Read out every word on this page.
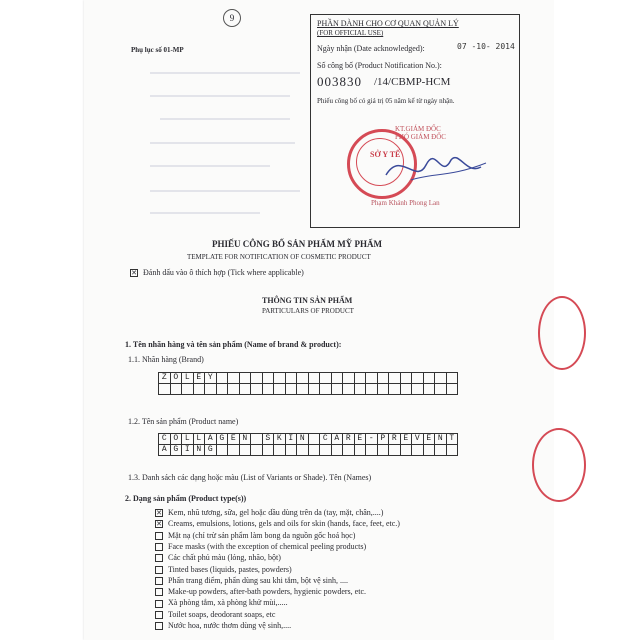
9
Phụ lục số 01-MP
PHẦN DÀNH CHO CƠ QUAN QUẢN LÝ
(FOR OFFICIAL USE)
Ngày nhận (Date acknowledged):	07 -10- 2014
Số công bố (Product Notification No.):
003830 /14/CBMP-HCM
Phiếu công bố có giá trị 05 năm kể từ ngày nhận.
KT.GIÁM ĐỐC
PHÓ GIÁM ĐỐC
SỞ Y TẾ
Phạm Khánh Phong Lan
PHIẾU CÔNG BỐ SẢN PHẨM MỸ PHẨM
TEMPLATE FOR NOTIFICATION OF COSMETIC PRODUCT
✕ Đánh dấu vào ô thích hợp (Tick where applicable)
THÔNG TIN SẢN PHẨM
PARTICULARS OF PRODUCT
1. Tên nhãn hàng và tên sản phẩm (Name of brand & product):
1.1. Nhãn hàng (Brand)
Z O L E Y
1.2. Tên sản phẩm (Product name)
C O L L A G E N	S K I N	C A R E - P R E V E N T
A G I N G
1.3. Danh sách các dạng hoặc màu (List of Variants or Shade). Tên (Names)
2. Dạng sản phẩm (Product type(s))
✕ Kem, nhũ tương, sữa, gel hoặc dầu dùng trên da (tay, mặt, chân,....)
✕ Creams, emulsions, lotions, gels and oils for skin (hands, face, feet, etc.)
Mặt nạ (chỉ trừ sản phẩm làm bong da nguồn gốc hoá học)
Face masks (with the exception of chemical peeling products)
Các chất phủ màu (lỏng, nhão, bột)
Tinted bases (liquids, pastes, powders)
Phấn trang điểm, phấn dùng sau khi tắm, bột vệ sinh, ....
Make-up powders, after-bath powders, hygienic powders, etc.
Xà phòng tắm, xà phòng khử mùi,.....
Toilet soaps, deodorant soaps, etc
Nước hoa, nước thơm dùng vệ sinh,....
